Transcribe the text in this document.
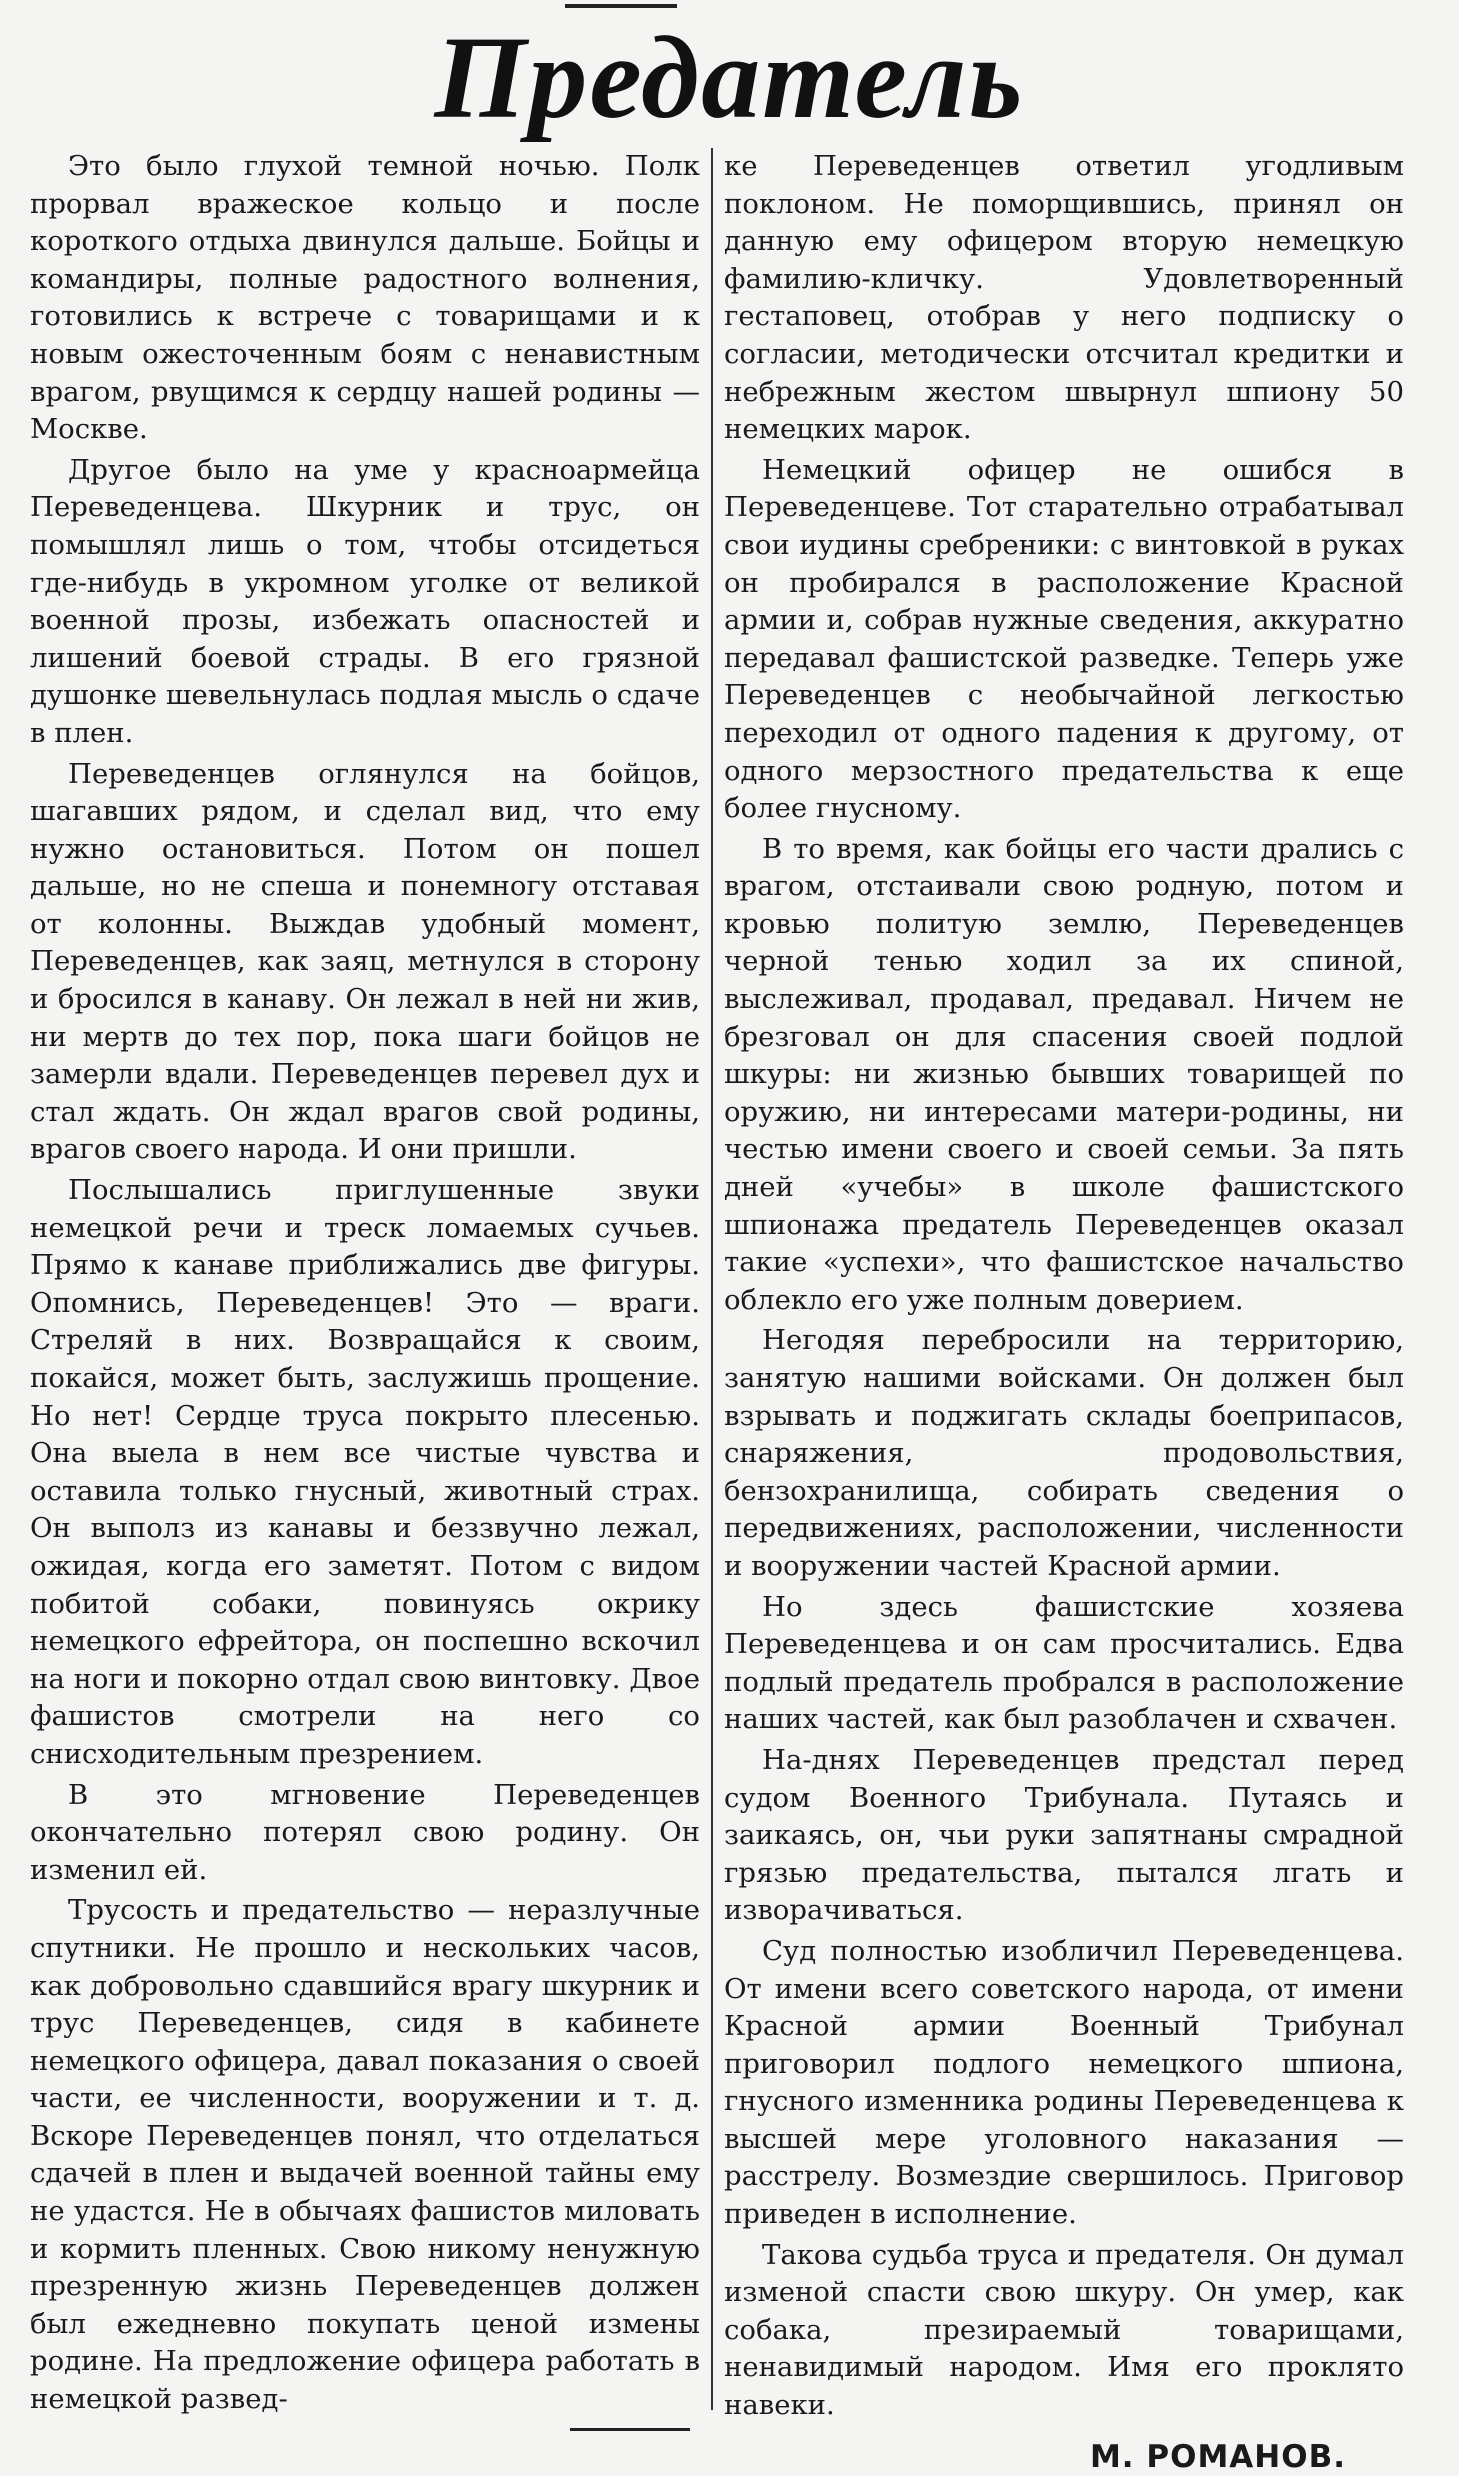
Предатель

Это было глухой темной ночью. Полк прорвал вражеское кольцо и после короткого отдыха двинулся дальше. Бойцы и командиры, полные радостного волнения, готовились к встрече с товарищами и к новым ожесточенным боям с ненавистным врагом, рвущимся к сердцу нашей родины — Москве.

Другое было на уме у красноармейца Переведенцева. Шкурник и трус, он помышлял лишь о том, чтобы отсидеться где-нибудь в укромном уголке от великой военной прозы, избежать опасностей и лишений боевой страды. В его грязной душонке шевельнулась подлая мысль о сдаче в плен.

Переведенцев оглянулся на бойцов, шагавших рядом, и сделал вид, что ему нужно остановиться. Потом он пошел дальше, но не спеша и понемногу отставая от колонны. Выждав удобный момент, Переведенцев, как заяц, метнулся в сторону и бросился в канаву. Он лежал в ней ни жив, ни мертв до тех пор, пока шаги бойцов не замерли вдали. Переведенцев перевел дух и стал ждать. Он ждал врагов свой родины, врагов своего народа. И они пришли.

Послышались приглушенные звуки немецкой речи и треск ломаемых сучьев. Прямо к канаве приближались две фигуры. Опомнись, Переведенцев! Это — враги. Стреляй в них. Возвращайся к своим, покайся, может быть, заслужишь прощение. Но нет! Сердце труса покрыто плесенью. Она выела в нем все чистые чувства и оставила только гнусный, животный страх. Он выполз из канавы и беззвучно лежал, ожидая, когда его заметят. Потом с видом побитой собаки, повинуясь окрику немецкого ефрейтора, он поспешно вскочил на ноги и покорно отдал свою винтовку. Двое фашистов смотрели на него со снисходительным презрением.

В это мгновение Переведенцев окончательно потерял свою родину. Он изменил ей.

Трусость и предательство — неразлучные спутники. Не прошло и нескольких часов, как добровольно сдавшийся врагу шкурник и трус Переведенцев, сидя в кабинете немецкого офицера, давал показания о своей части, ее численности, вооружении и т. д. Вскоре Переведенцев понял, что отделаться сдачей в плен и выдачей военной тайны ему не удастся. Не в обычаях фашистов миловать и кормить пленных. Свою никому ненужную презренную жизнь Переведенцев должен был ежедневно покупать ценой измены родине. На предложение офицера работать в немецкой развед-

ке Переведенцев ответил угодливым поклоном. Не поморщившись, принял он данную ему офицером вторую немецкую фамилию-кличку. Удовлетворенный гестаповец, отобрав у него подписку о согласии, методически отсчитал кредитки и небрежным жестом швырнул шпиону 50 немецких марок.

Немецкий офицер не ошибся в Переведенцеве. Тот старательно отрабатывал свои иудины сребреники: с винтовкой в руках он пробирался в расположение Красной армии и, собрав нужные сведения, аккуратно передавал фашистской разведке. Теперь уже Переведенцев с необычайной легкостью переходил от одного падения к другому, от одного мерзостного предательства к еще более гнусному.

В то время, как бойцы его части дрались с врагом, отстаивали свою родную, потом и кровью политую землю, Переведенцев черной тенью ходил за их спиной, выслеживал, продавал, предавал. Ничем не брезговал он для спасения своей подлой шкуры: ни жизнью бывших товарищей по оружию, ни интересами матери-родины, ни честью имени своего и своей семьи. За пять дней «учебы» в школе фашистского шпионажа предатель Переведенцев оказал такие «успехи», что фашистское начальство облекло его уже полным доверием.

Негодяя перебросили на территорию, занятую нашими войсками. Он должен был взрывать и поджигать склады боеприпасов, снаряжения, продовольствия, бензохранилища, собирать сведения о передвижениях, расположении, численности и вооружении частей Красной армии.

Но здесь фашистские хозяева Переведенцева и он сам просчитались. Едва подлый предатель пробрался в расположение наших частей, как был разоблачен и схвачен.

На-днях Переведенцев предстал перед судом Военного Трибунала. Путаясь и заикаясь, он, чьи руки запятнаны смрадной грязью предательства, пытался лгать и изворачиваться.

Суд полностью изобличил Переведенцева. От имени всего советского народа, от имени Красной армии Военный Трибунал приговорил подлого немецкого шпиона, гнусного изменника родины Переведенцева к высшей мере уголовного наказания — расстрелу. Возмездие свершилось. Приговор приведен в исполнение.

Такова судьба труса и предателя. Он думал изменой спасти свою шкуру. Он умер, как собака, презираемый товарищами, ненавидимый народом. Имя его проклято навеки.

М. РОМАНОВ.
